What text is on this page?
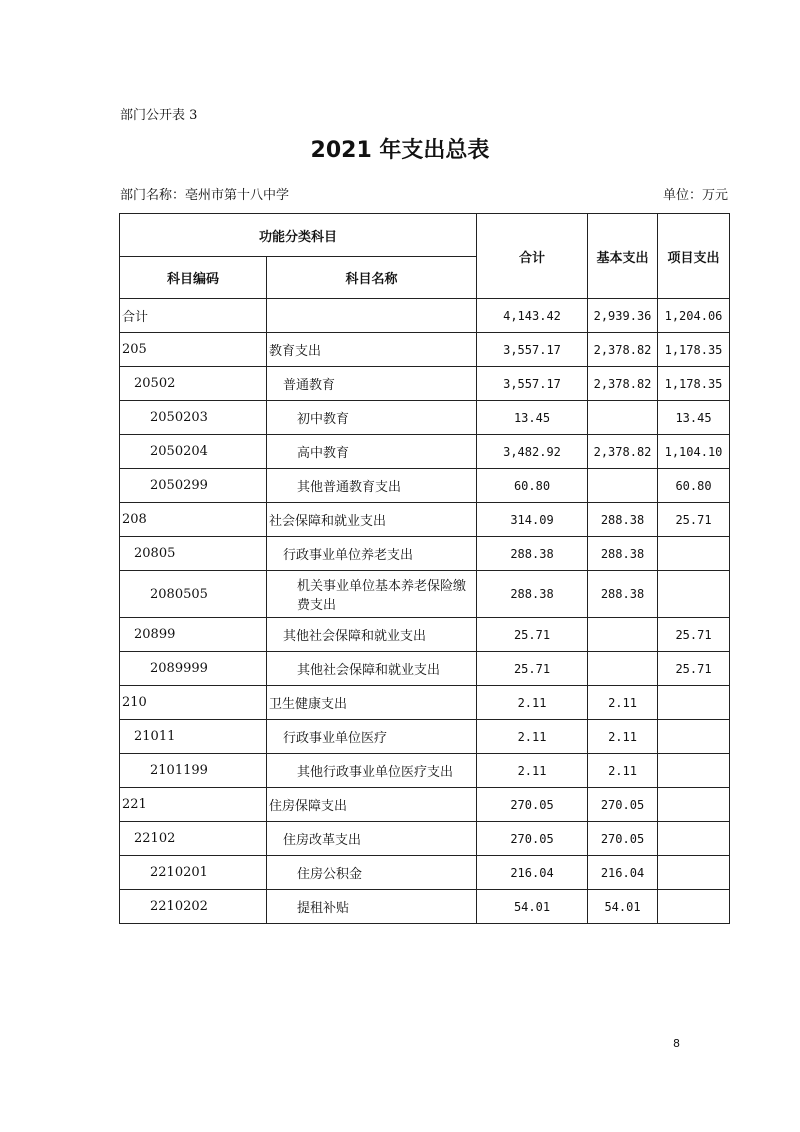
部门公开表 3
2021 年支出总表
部门名称：亳州市第十八中学	单位：万元
功能分类科目		合计	基本支出	项目支出
科目编码	科目名称			
合计		4,143.42	2,939.36	1,204.06
205	教育支出	3,557.17	2,378.82	1,178.35
20502	普通教育	3,557.17	2,378.82	1,178.35
2050203	初中教育	13.45		13.45
2050204	高中教育	3,482.92	2,378.82	1,104.10
2050299	其他普通教育支出	60.80		60.80
208	社会保障和就业支出	314.09	288.38	25.71
20805	行政事业单位养老支出	288.38	288.38	
2080505	机关事业单位基本养老保险缴费支出	288.38	288.38	
20899	其他社会保障和就业支出	25.71		25.71
2089999	其他社会保障和就业支出	25.71		25.71
210	卫生健康支出	2.11	2.11	
21011	行政事业单位医疗	2.11	2.11	
2101199	其他行政事业单位医疗支出	2.11	2.11	
221	住房保障支出	270.05	270.05	
22102	住房改革支出	270.05	270.05	
2210201	住房公积金	216.04	216.04	
2210202	提租补贴	54.01	54.01	
8
